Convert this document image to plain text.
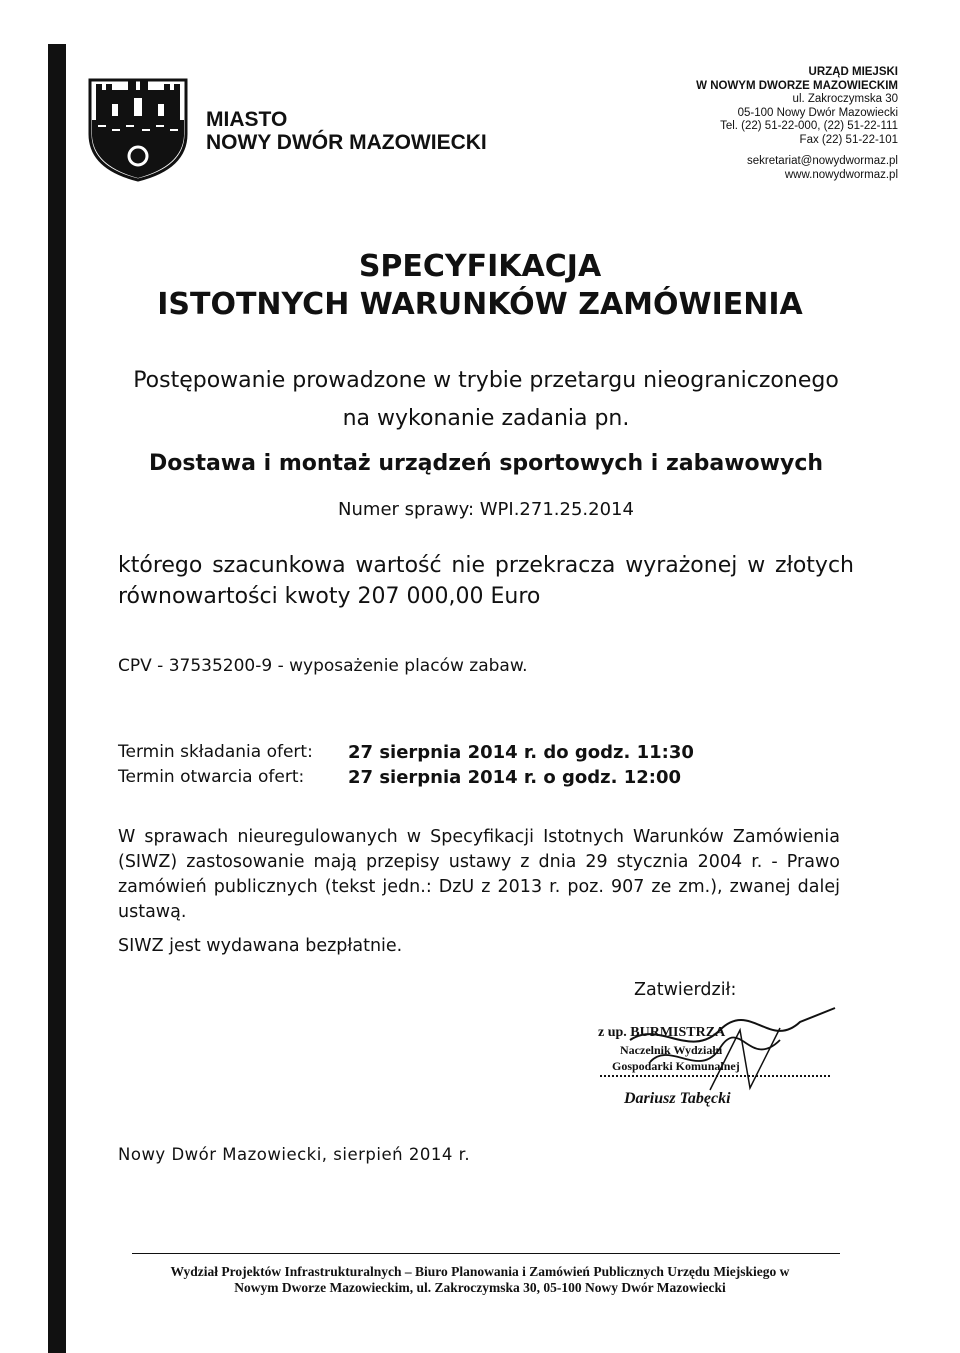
MIASTO
NOWY DWÓR MAZOWIECKI
URZĄD MIEJSKI
W NOWYM DWORZE MAZOWIECKIM
ul. Zakroczymska 30
05-100 Nowy Dwór Mazowiecki
Tel. (22) 51-22-000, (22) 51-22-111
Fax (22) 51-22-101
sekretariat@nowydwormaz.pl
www.nowydwormaz.pl
SPECYFIKACJA
ISTOTNYCH WARUNKÓW ZAMÓWIENIA
Postępowanie prowadzone w trybie przetargu nieograniczonego
na wykonanie zadania pn.
Dostawa i montaż urządzeń sportowych i zabawowych
Numer sprawy: WPI.271.25.2014
którego szacunkowa wartość nie przekracza wyrażonej w złotych równowartości kwoty 207 000,00 Euro
CPV - 37535200-9 - wyposażenie placów zabaw.
Termin składania ofert:	27 sierpnia 2014 r. do godz. 11:30
Termin otwarcia ofert:	27 sierpnia 2014 r. o godz. 12:00
W sprawach nieuregulowanych w Specyfikacji Istotnych Warunków Zamówienia (SIWZ) zastosowanie mają przepisy ustawy z dnia 29 stycznia 2004 r. - Prawo zamówień publicznych (tekst jedn.: DzU z 2013 r. poz. 907 ze zm.), zwanej dalej ustawą.
SIWZ jest wydawana bezpłatnie.
Zatwierdził:
z up. BURMISTRZA
Naczelnik Wydziału
Gospodarki Komunalnej
Dariusz Tabęcki
Nowy Dwór Mazowiecki, sierpień 2014 r.
Wydział Projektów Infrastrukturalnych – Biuro Planowania i Zamówień Publicznych Urzędu Miejskiego w
Nowym Dworze Mazowieckim, ul. Zakroczymska 30, 05-100 Nowy Dwór Mazowiecki
